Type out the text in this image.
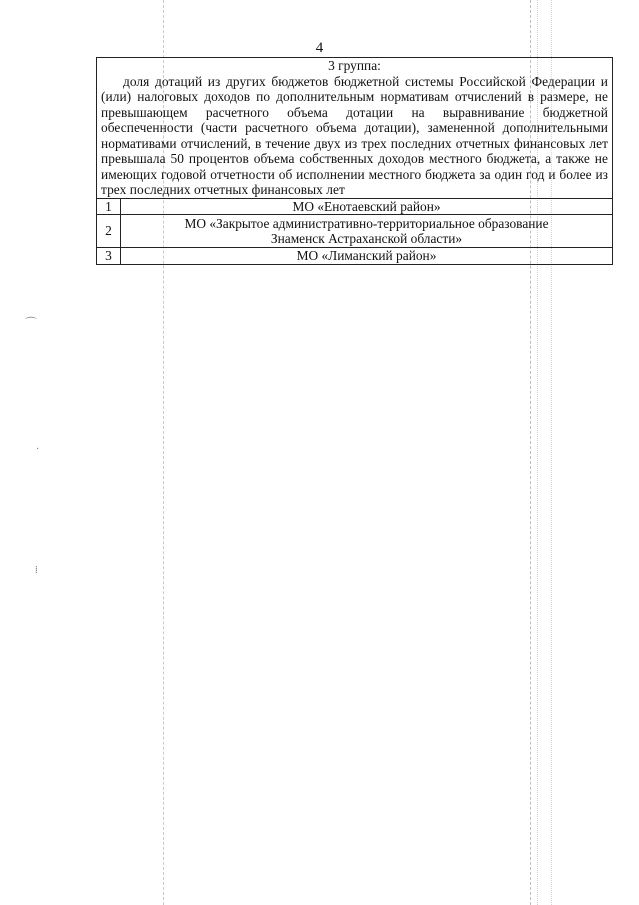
⌒
·
⁞
4

3 группа:

доля дотаций из других бюджетов бюджетной системы Российской Федерации и (или) налоговых доходов по дополнительным нормативам отчислений в размере, не превышающем расчетного объема дотации на выравнивание бюджетной обеспеченности (части расчетного объема дотации), замененной дополнительными нормативами отчислений, в течение двух из трех последних отчетных финансовых лет превышала 50 процентов объема собственных доходов местного бюджета, а также не имеющих годовой отчетности об исполнении местного бюджета за один год и более из трех последних отчетных финансовых лет	

1	МО «Енотаевский район»
2	МО «Закрытое административно-территориальное образование
Знаменск Астраханской области»

3	МО «Лиманский район»
